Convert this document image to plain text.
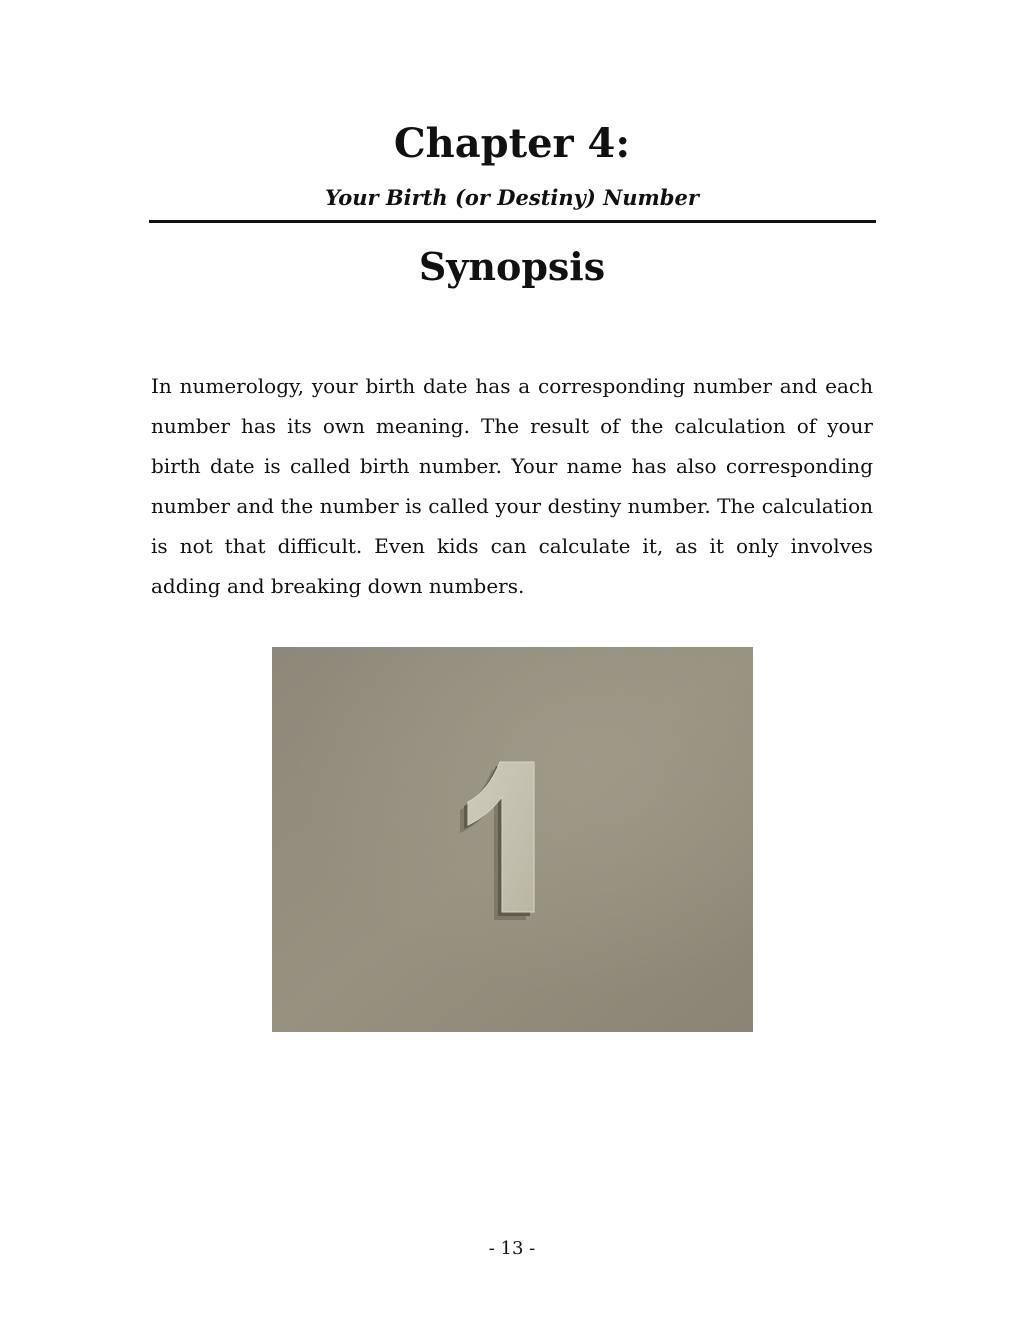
Chapter 4:

Your Birth (or Destiny) Number

Synopsis

In numerology, your birth date has a corresponding number and each number has its own meaning. The result of the calculation of your birth date is called birth number. Your name has also corresponding number and the number is called your destiny number. The calculation is not that difficult. Even kids can calculate it, as it only involves adding and breaking down numbers.

- 13 -
